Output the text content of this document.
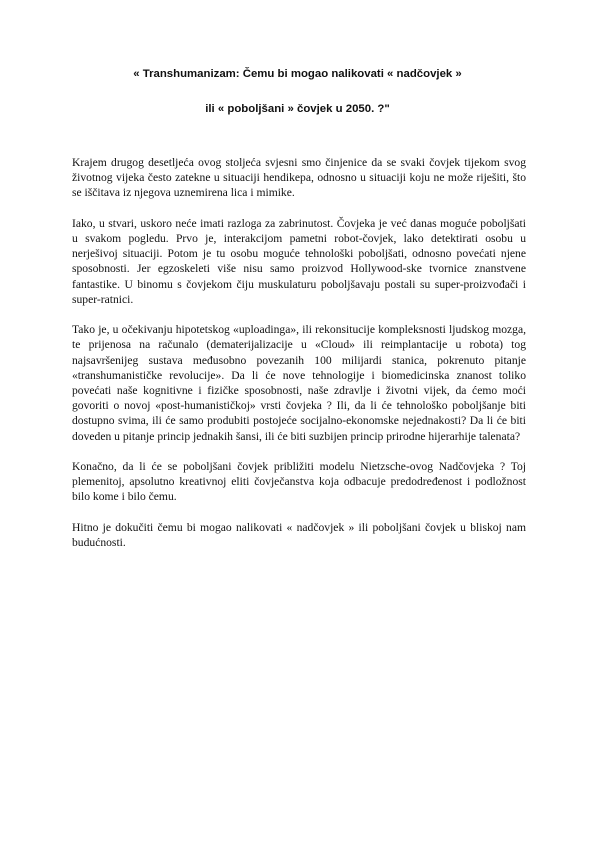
« Transhumanizam: Čemu bi mogao nalikovati « nadčovjek »
ili « poboljšani » čovjek u 2050. ?"

Krajem drugog desetljeća ovog stoljeća svjesni smo činjenice da se svaki čovjek tijekom svog životnog vijeka često zatekne u situaciji hendikepa, odnosno u situaciji koju ne može riješiti, što se iščitava iz njegova uznemirena lica i mimike.

Iako, u stvari, uskoro neće imati razloga za zabrinutost. Čovjeka je već danas moguće poboljšati u svakom pogledu. Prvo je, interakcijom pametni robot-čovjek, lako detektirati osobu u nerješivoj situaciji. Potom je tu osobu moguće tehnološki poboljšati, odnosno povećati njene sposobnosti. Jer egzoskeleti više nisu samo proizvod Hollywood-ske tvornice znanstvene fantastike. U binomu s čovjekom čiju muskulaturu poboljšavaju postali su super-proizvođači i super-ratnici.

Tako je, u očekivanju hipotetskog «uploadinga», ili rekonsitucije kompleksnosti ljudskog mozga, te prijenosa na računalo (dematerijalizacije u «Cloud» ili reimplantacije u robota) tog najsavršenijeg sustava međusobno povezanih 100 milijardi stanica, pokrenuto pitanje «transhumanističke revolucije». Da li će nove tehnologije i biomedicinska znanost toliko povećati naše kognitivne i fizičke sposobnosti, naše zdravlje i životni vijek, da ćemo moći govoriti o novoj «post-humanističkoj» vrsti čovjeka ? Ili, da li će tehnološko poboljšanje biti dostupno svima, ili će samo produbiti postojeće socijalno-ekonomske nejednakosti? Da li će biti doveden u pitanje princip jednakih šansi, ili će biti suzbijen princip prirodne hijerarhije talenata?

Konačno, da li će se poboljšani čovjek približiti modelu Nietzsche-ovog Nadčovjeka ? Toj plemenitoj, apsolutno kreativnoj eliti čovječanstva koja odbacuje predodređenost i podložnost bilo kome i bilo čemu.

Hitno je dokučiti čemu bi mogao nalikovati « nadčovjek » ili poboljšani čovjek u bliskoj nam budućnosti.
